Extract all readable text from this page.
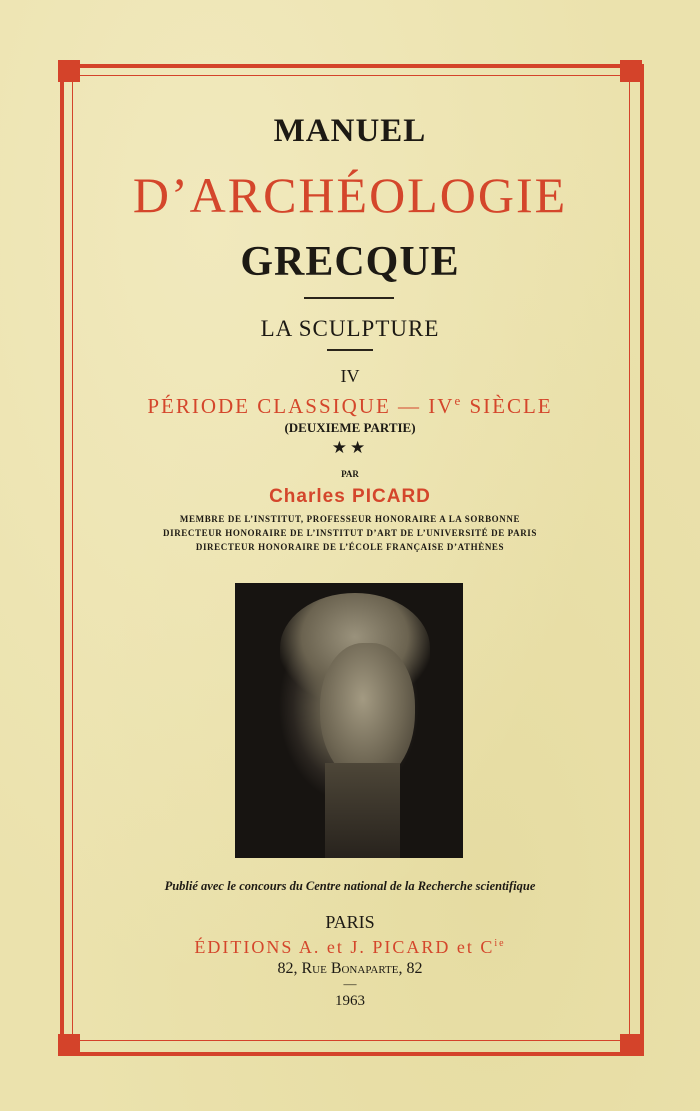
MANUEL
D’ARCHÉOLOGIE
GRECQUE
LA SCULPTURE
IV
PÉRIODE CLASSIQUE — IVe SIÈCLE
(DEUXIEME PARTIE)
★★
PAR
Charles PICARD
MEMBRE DE L’INSTITUT, PROFESSEUR HONORAIRE A LA SORBONNE
DIRECTEUR HONORAIRE DE L’INSTITUT D’ART DE L’UNIVERSITÉ DE PARIS
DIRECTEUR HONORAIRE DE L’ÉCOLE FRANÇAISE D’ATHÈNES
Publié avec le concours du Centre national de la Recherche scientifique
PARIS
ÉDITIONS A. et J. PICARD et $C^{ie}$
82, Rue Bonaparte, 82
—
1963
